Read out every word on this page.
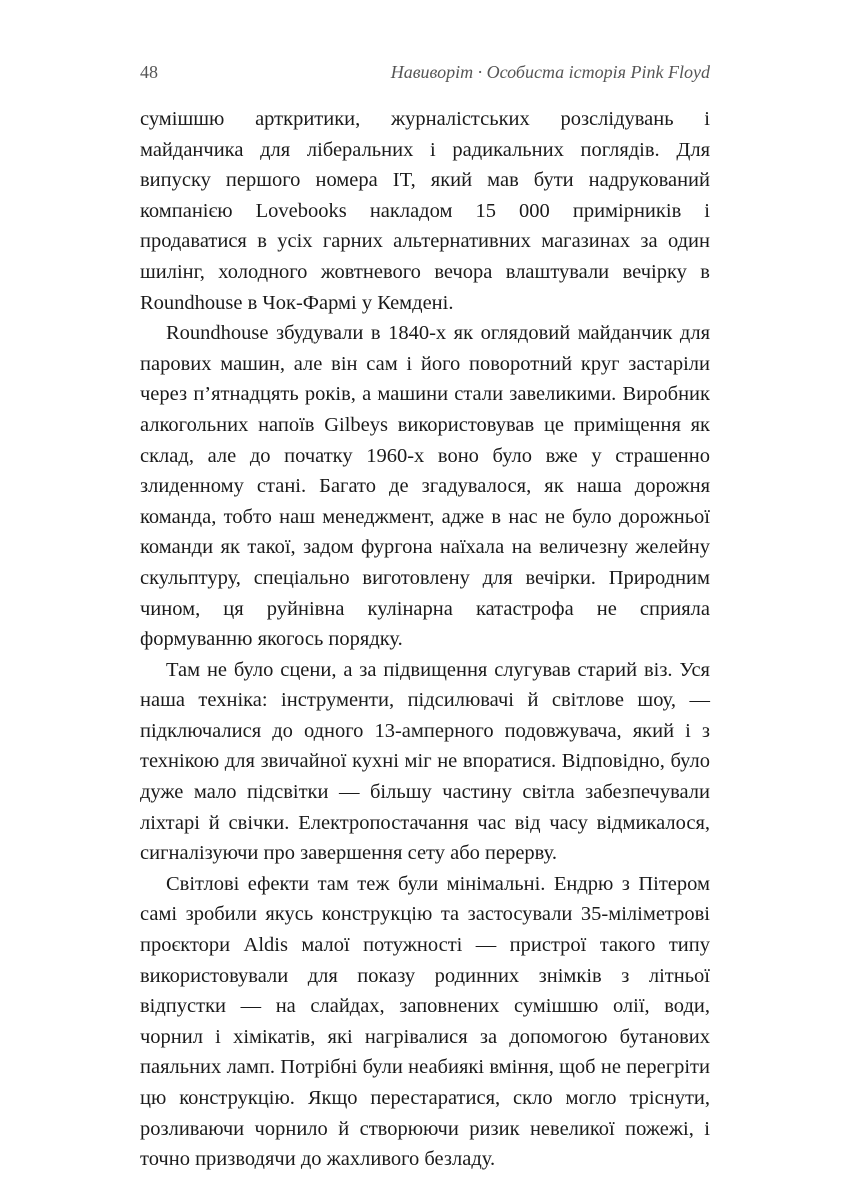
48	Навиворіт · Особиста історія Pink Floyd

сумішшю арткритики, журналістських розслідувань і майданчика для ліберальних і радикальних поглядів. Для випуску першого номера IT, який мав бути надрукований компанією Lovebooks накладом 15 000 примірників і продаватися в усіх гарних альтернативних магазинах за один шилінг, холодного жовтневого вечора влаштували вечірку в Roundhouse в Чок-Фармі у Кемдені.

Roundhouse збудували в 1840-х як оглядовий майданчик для парових машин, але він сам і його поворотний круг застаріли через п’ятнадцять років, а машини стали завеликими. Виробник алкогольних напоїв Gilbeys використовував це приміщення як склад, але до початку 1960-х воно було вже у страшенно злиденному стані. Багато де згадувалося, як наша дорожня команда, тобто наш менеджмент, адже в нас не було дорожньої команди як такої, задом фургона наїхала на величезну желейну скульптуру, спеціально виготовлену для вечірки. Природним чином, ця руйнівна кулінарна катастрофа не сприяла формуванню якогось порядку.

Там не було сцени, а за підвищення слугував старий віз. Уся наша техніка: інструменти, підсилювачі й світлове шоу, — підключалися до одного 13-амперного подовжувача, який і з технікою для звичайної кухні міг не впоратися. Відповідно, було дуже мало підсвітки — більшу частину світла забезпечували ліхтарі й свічки. Електропостачання час від часу відмикалося, сигналізуючи про завершення сету або перерву.

Світлові ефекти там теж були мінімальні. Ендрю з Пітером самі зробили якусь конструкцію та застосували 35-міліметрові проєктори Aldis малої потужності — пристрої такого типу використовували для показу родинних знімків з літньої відпустки — на слайдах, заповнених сумішшю олії, води, чорнил і хімікатів, які нагрівалися за допомогою бутанових паяльних ламп. Потрібні були неабиякі вміння, щоб не перегріти цю конструкцію. Якщо перестаратися, скло могло тріснути, розливаючи чорнило й створюючи ризик невеликої пожежі, і точно призводячи до жахливого безладу.
